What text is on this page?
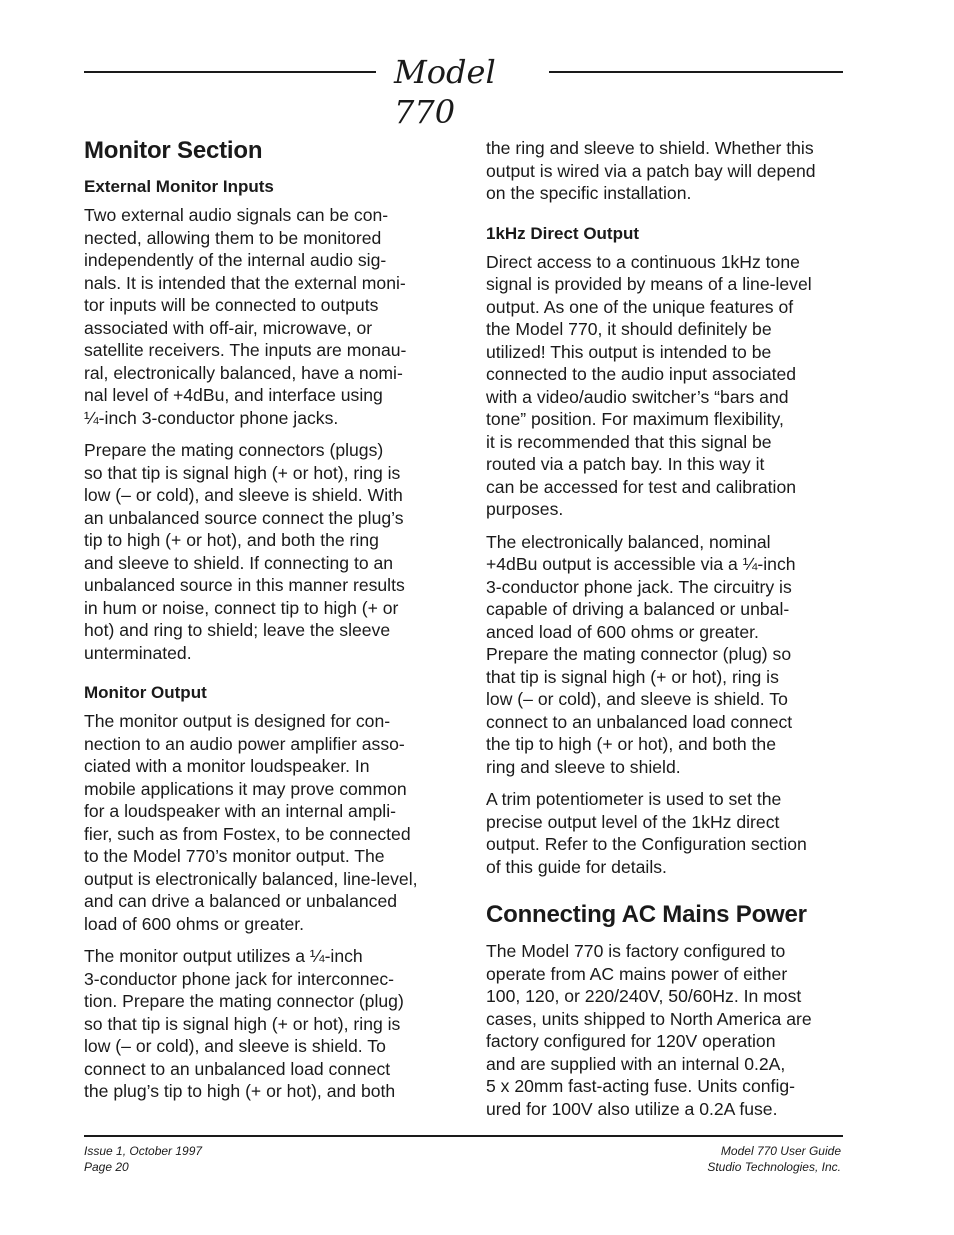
Model 770
Monitor Section
External Monitor Inputs

Two external audio signals can be con-
nected, allowing them to be monitored
independently of the internal audio sig-
nals. It is intended that the external moni-
tor inputs will be connected to outputs
associated with off-air, microwave, or
satellite receivers. The inputs are monau-
ral, electronically balanced, have a nomi-
nal level of +4dBu, and interface using
¼-inch 3-conductor phone jacks.

Prepare the mating connectors (plugs)
so that tip is signal high (+ or hot), ring is
low (– or cold), and sleeve is shield. With
an unbalanced source connect the plug’s
tip to high (+ or hot), and both the ring
and sleeve to shield. If connecting to an
unbalanced source in this manner results
in hum or noise, connect tip to high (+ or
hot) and ring to shield; leave the sleeve
unterminated.

Monitor Output

The monitor output is designed for con-
nection to an audio power amplifier asso-
ciated with a monitor loudspeaker. In
mobile applications it may prove common
for a loudspeaker with an internal ampli-
fier, such as from Fostex, to be connected
to the Model 770’s monitor output. The
output is electronically balanced, line-level,
and can drive a balanced or unbalanced
load of 600 ohms or greater.

The monitor output utilizes a ¼-inch
3-conductor phone jack for interconnec-
tion. Prepare the mating connector (plug)
so that tip is signal high (+ or hot), ring is
low (– or cold), and sleeve is shield. To
connect to an unbalanced load connect
the plug’s tip to high (+ or hot), and both

the ring and sleeve to shield. Whether this
output is wired via a patch bay will depend
on the specific installation.

1kHz Direct Output

Direct access to a continuous 1kHz tone
signal is provided by means of a line-level
output. As one of the unique features of
the Model 770, it should definitely be
utilized! This output is intended to be
connected to the audio input associated
with a video/audio switcher’s “bars and
tone” position. For maximum flexibility,
it is recommended that this signal be
routed via a patch bay. In this way it
can be accessed for test and calibration
purposes.

The electronically balanced, nominal
+4dBu output is accessible via a ¼-inch
3-conductor phone jack. The circuitry is
capable of driving a balanced or unbal-
anced load of 600 ohms or greater.
Prepare the mating connector (plug) so
that tip is signal high (+ or hot), ring is
low (– or cold), and sleeve is shield. To
connect to an unbalanced load connect
the tip to high (+ or hot), and both the
ring and sleeve to shield.

A trim potentiometer is used to set the
precise output level of the 1kHz direct
output. Refer to the Configuration section
of this guide for details.

Connecting AC Mains Power

The Model 770 is factory configured to
operate from AC mains power of either
100, 120, or 220/240V, 50/60Hz. In most
cases, units shipped to North America are
factory configured for 120V operation
and are supplied with an internal 0.2A,
5 x 20mm fast-acting fuse. Units config-
ured for 100V also utilize a 0.2A fuse.

Issue 1, October 1997
Page 20
Model 770 User Guide
Studio Technologies, Inc.
